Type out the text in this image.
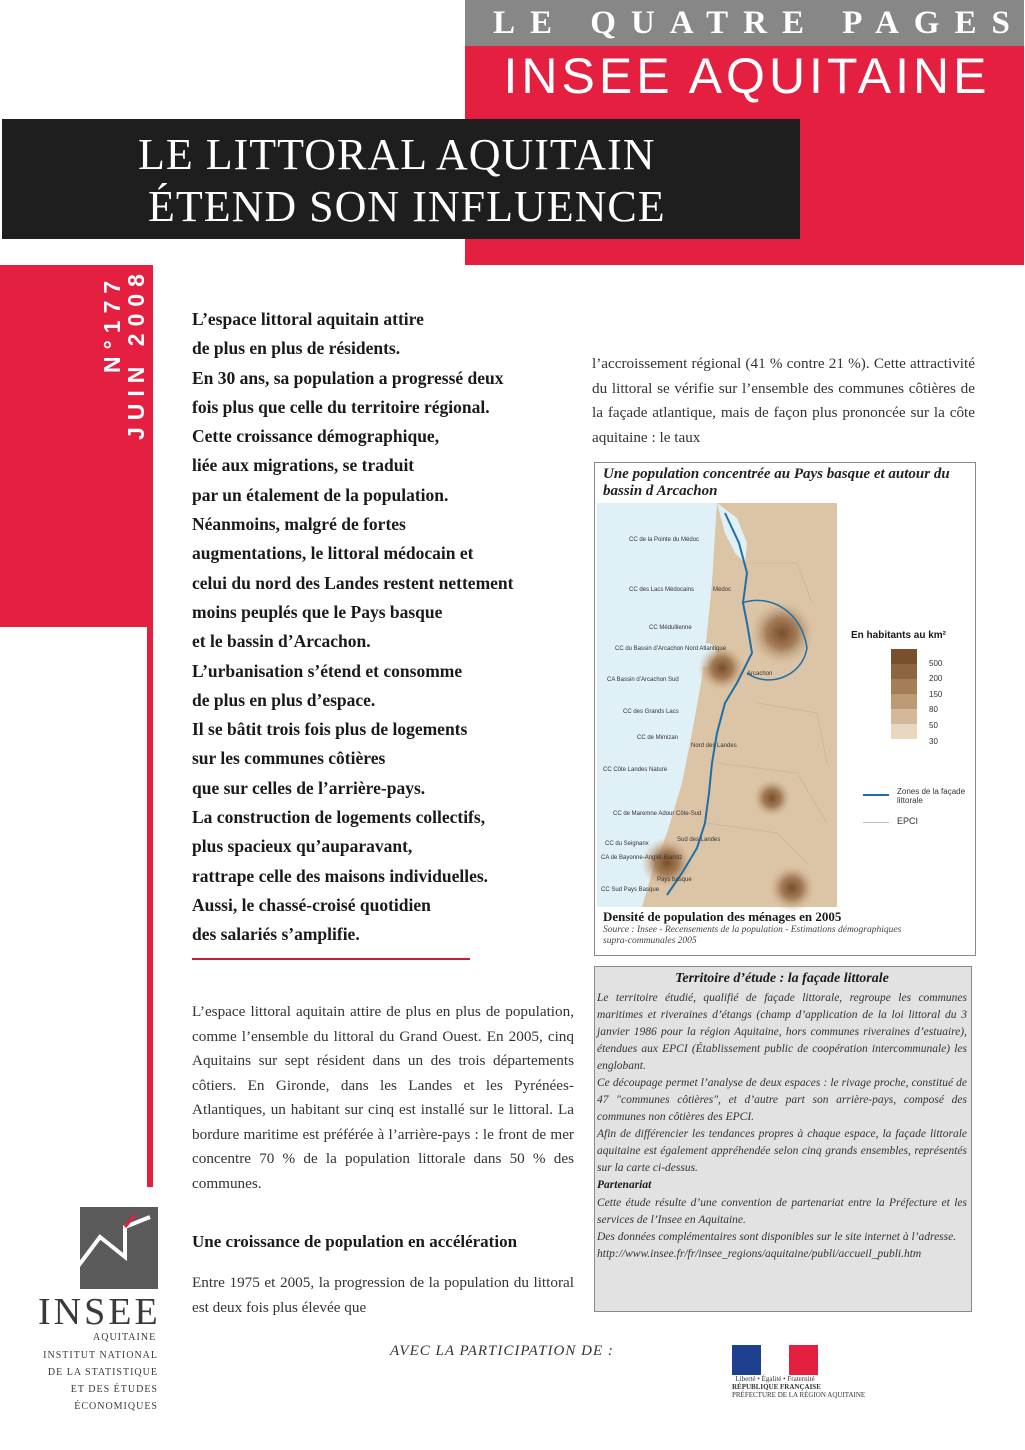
LE QUATRE PAGES
INSEE AQUITAINE
LE LITTORAL AQUITAIN
ÉTEND SON INFLUENCE
N°177
JUIN 2008 L’espace littoral aquitain attire
de plus en plus de résidents.
En 30 ans, sa population a progressé deux
fois plus que celle du territoire régional.
Cette croissance démographique,
liée aux migrations, se traduit
par un étalement de la population.
Néanmoins, malgré de fortes
augmentations, le littoral médocain et
celui du nord des Landes restent nettement
moins peuplés que le Pays basque
et le bassin d’Arcachon.
L’urbanisation s’étend et consomme
de plus en plus d’espace.
Il se bâtit trois fois plus de logements
sur les communes côtières
que sur celles de l’arrière-pays.
La construction de logements collectifs,
plus spacieux qu’auparavant,
rattrape celle des maisons individuelles.
Aussi, le chassé-croisé quotidien
des salariés s’amplifie.

L’espace littoral aquitain attire de plus en plus de population, comme l’ensemble du littoral du Grand Ouest. En 2005, cinq Aquitains sur sept résident dans un des trois départements côtiers. En Gironde, dans les Landes et les Pyrénées-Atlantiques, un habitant sur cinq est installé sur le littoral. La bordure maritime est préférée à l’arrière-pays : le front de mer concentre 70 % de la population littorale dans 50 % des communes.

Une croissance de population en accélération

Entre 1975 et 2005, la progression de la population du littoral est deux fois plus élevée que

l’accroissement régional (41 % contre 21 %). Cette attractivité du littoral se vérifie sur l’ensemble des communes côtières de la façade atlantique, mais de façon plus prononcée sur la côte aquitaine : le taux

Une population concentrée au Pays basque et autour du bassin d Arcachon
CC de la Pointe du Médoc
CC des Lacs Médocains	Médoc
CC Médullienne
CC du Bassin d’Arcachon Nord Atlantique
CA Bassin d’Arcachon Sud
Arcachon
CC des Grands Lacs
CC de Mimizan
Nord des Landes
CC Côte Landes Nature
CC de Maremne Adour Côte-Sud
Sud des Landes
CC du Seignanx
CA de Bayonne-Anglet-Biarritz
CC Sud Pays Basque
Pays basque
En habitants au km²
500
200
150
80
50
30
Zones de la façade littorale
EPCI
Densité de population des ménages en 2005
Source : Insee - Recensements de la population - Estimations démographiques supra-communales 2005
Territoire d’étude : la façade littorale

Le territoire étudié, qualifié de façade littorale, regroupe les communes maritimes et riveraines d’étangs (champ d’application de la loi littoral du 3 janvier 1986 pour la région Aquitaine, hors communes riveraines d’estuaire), étendues aux EPCI (Établissement public de coopération intercommunale) les englobant.

Ce découpage permet l’analyse de deux espaces : le rivage proche, constitué de 47 "communes côtières", et d’autre part son arrière-pays, composé des communes non côtières des EPCI.

Afin de différencier les tendances propres à chaque espace, la façade littorale aquitaine est également appréhendée selon cinq grands ensembles, représentés sur la carte ci-dessus.

Partenariat

Cette étude résulte d’une convention de partenariat entre la Préfecture et les services de l’Insee en Aquitaine.

Des données complémentaires sont disponibles sur le site internet à l’adresse.

http://www.insee.fr/fr/insee_regions/aquitaine/publi/accueil_publi.htm

INSEE
AQUITAINE
INSTITUT NATIONAL
DE LA STATISTIQUE
ET DES ÉTUDES
ÉCONOMIQUES
AVEC LA PARTICIPATION DE :
Liberté • Égalité • Fraternité
RÉPUBLIQUE FRANÇAISE
PRÉFECTURE DE LA RÉGION AQUITAINE
